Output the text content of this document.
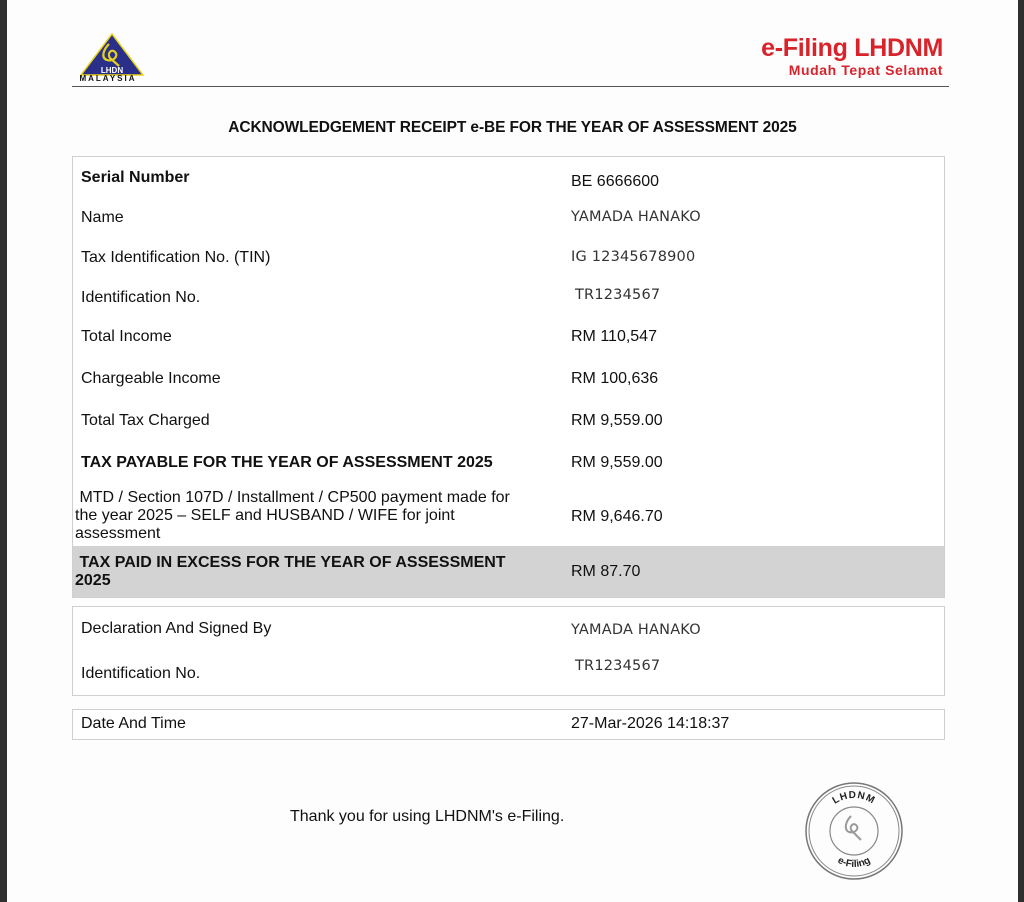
LHDN
MALAYSIA
e-Filing LHDNM
Mudah Tepat Selamat
ACKNOWLEDGEMENT RECEIPT e-BE FOR THE YEAR OF ASSESSMENT 2025
Serial Number	BE 6666600
Name	YAMADA HANAKO
Tax Identification No. (TIN)	IG 12345678900
Identification No.	TR1234567
Total Income	RM 110,547
Chargeable Income	RM 100,636
Total Tax Charged	RM 9,559.00
TAX PAYABLE FOR THE YEAR OF ASSESSMENT 2025	RM 9,559.00
MTD / Section 107D / Installment / CP500 payment made for
the year 2025 – SELF and HUSBAND / WIFE for joint
assessment
RM 9,646.70
TAX PAID IN EXCESS FOR THE YEAR OF ASSESSMENT
2025
RM 87.70
Declaration And Signed By	YAMADA HANAKO
Identification No.	TR1234567
Date And Time	27-Mar-2026 14:18:37
Thank you for using LHDNM's e-Filing.
LHDNM
e-Filing
